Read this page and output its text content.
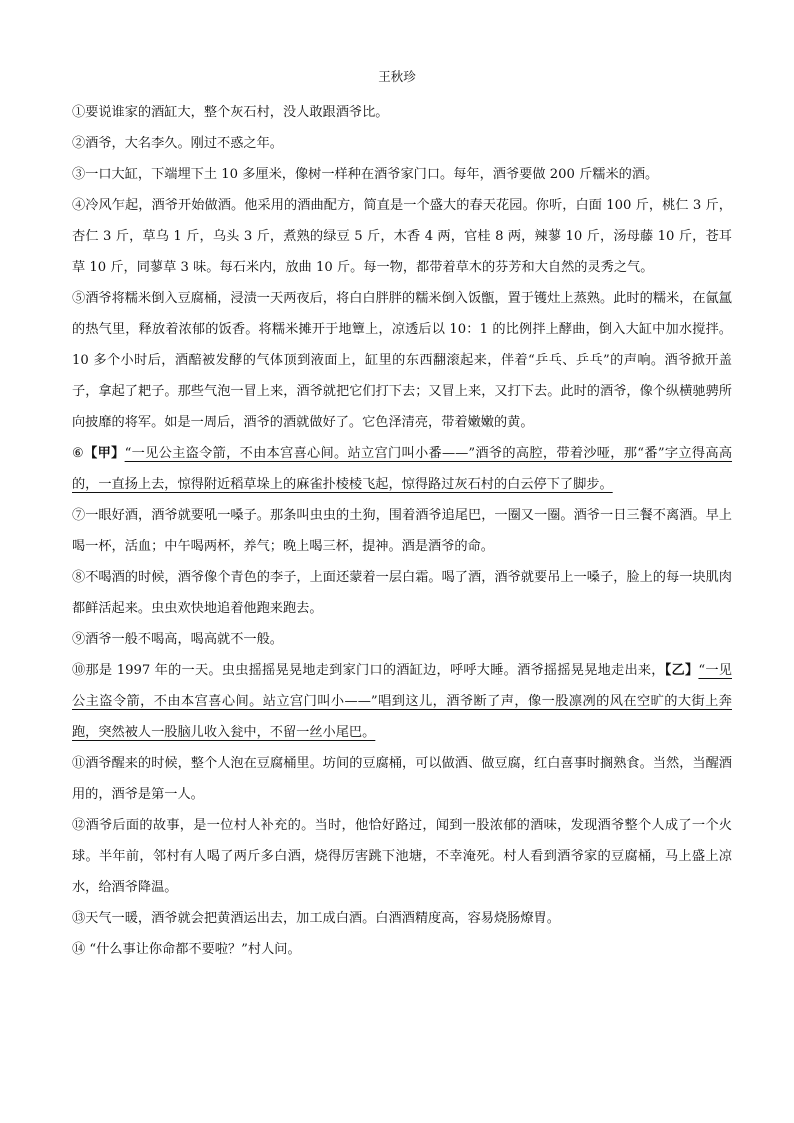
王秋珍

①要说谁家的酒缸大，整个灰石村，没人敢跟酒爷比。

②酒爷，大名李久。刚过不惑之年。

③一口大缸，下端埋下土 10 多厘米，像树一样种在酒爷家门口。每年，酒爷要做 200 斤糯米的酒。

④冷风乍起，酒爷开始做酒。他采用的酒曲配方，简直是一个盛大的春天花园。你听，白面 100 斤，桃仁 3 斤，杏仁 3 斤，草乌 1 斤，乌头 3 斤，煮熟的绿豆 5 斤，木香 4 两，官桂 8 两，辣蓼 10 斤，汤母藤 10 斤，苍耳草 10 斤，同蓼草 3 味。每石米内，放曲 10 斤。每一物，都带着草木的芬芳和大自然的灵秀之气。

⑤酒爷将糯米倒入豆腐桶，浸渍一天两夜后，将白白胖胖的糯米倒入饭甑，置于镬灶上蒸熟。此时的糯米，在氤氲的热气里，释放着浓郁的饭香。将糯米摊开于地簟上，凉透后以 10：1 的比例拌上酵曲，倒入大缸中加水搅拌。10 多个小时后，酒醅被发酵的气体顶到液面上，缸里的东西翻滚起来，伴着“乒乓、乒乓”的声响。酒爷掀开盖子，拿起了耙子。那些气泡一冒上来，酒爷就把它们打下去；又冒上来，又打下去。此时的酒爷，像个纵横驰骋所向披靡的将军。如是一周后，酒爷的酒就做好了。它色泽清亮，带着嫩嫩的黄。

⑥【甲】“一见公主盗令箭，不由本宫喜心间。站立宫门叫小番——”酒爷的高腔，带着沙哑，那“番”字立得高高的，一直扬上去，惊得附近稻草垛上的麻雀扑棱棱飞起，惊得路过灰石村的白云停下了脚步。

⑦一眼好酒，酒爷就要吼一嗓子。那条叫虫虫的土狗，围着酒爷追尾巴，一圈又一圈。酒爷一日三餐不离酒。早上喝一杯，活血；中午喝两杯，养气；晚上喝三杯，提神。酒是酒爷的命。

⑧不喝酒的时候，酒爷像个青色的李子，上面还蒙着一层白霜。喝了酒，酒爷就要吊上一嗓子，脸上的每一块肌肉都鲜活起来。虫虫欢快地追着他跑来跑去。

⑨酒爷一般不喝高，喝高就不一般。

⑩那是 1997 年的一天。虫虫摇摇晃晃地走到家门口的酒缸边，呼呼大睡。酒爷摇摇晃晃地走出来，【乙】“一见公主盗令箭，不由本宫喜心间。站立宫门叫小——”唱到这儿，酒爷断了声，像一股凛冽的风在空旷的大街上奔跑，突然被人一股脑儿收入瓮中，不留一丝小尾巴。

⑪酒爷醒来的时候，整个人泡在豆腐桶里。坊间的豆腐桶，可以做酒、做豆腐，红白喜事时搁熟食。当然，当醒酒用的，酒爷是第一人。

⑫酒爷后面的故事，是一位村人补充的。当时，他恰好路过，闻到一股浓郁的酒味，发现酒爷整个人成了一个火球。半年前，邻村有人喝了两斤多白酒，烧得厉害跳下池塘，不幸淹死。村人看到酒爷家的豆腐桶，马上盛上凉水，给酒爷降温。

⑬天气一暖，酒爷就会把黄酒运出去，加工成白酒。白酒酒精度高，容易烧肠燎胃。

⑭ “什么事让你命都不要啦？”村人问。
